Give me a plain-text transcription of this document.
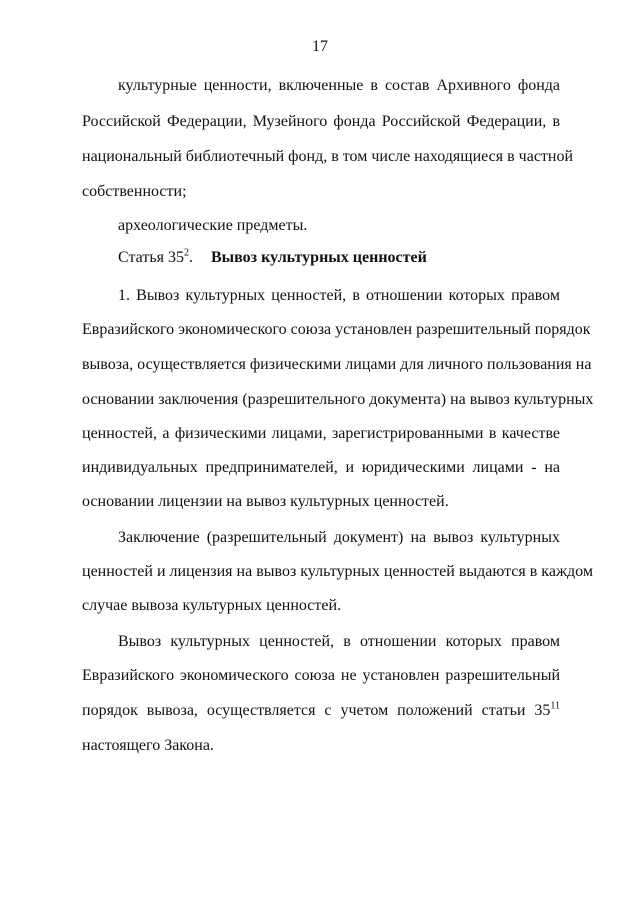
17
культурные ценности, включенные в состав Архивного фонда
Российской Федерации, Музейного фонда Российской Федерации, в
национальный библиотечный фонд, в том числе находящиеся в частной
собственности;
археологические предметы.
Статья $35^2$. Вывоз культурных ценностей
1. Вывоз культурных ценностей, в отношении которых правом
Евразийского экономического союза установлен разрешительный порядок
вывоза, осуществляется физическими лицами для личного пользования на
основании заключения (разрешительного документа) на вывоз культурных
ценностей, а физическими лицами, зарегистрированными в качестве
индивидуальных предпринимателей, и юридическими лицами - на
основании лицензии на вывоз культурных ценностей.
Заключение (разрешительный документ) на вывоз культурных
ценностей и лицензия на вывоз культурных ценностей выдаются в каждом
случае вывоза культурных ценностей.
Вывоз культурных ценностей, в отношении которых правом
Евразийского экономического союза не установлен разрешительный
порядок вывоза, осуществляется с учетом положений статьи $35^{11}$
настоящего Закона.
